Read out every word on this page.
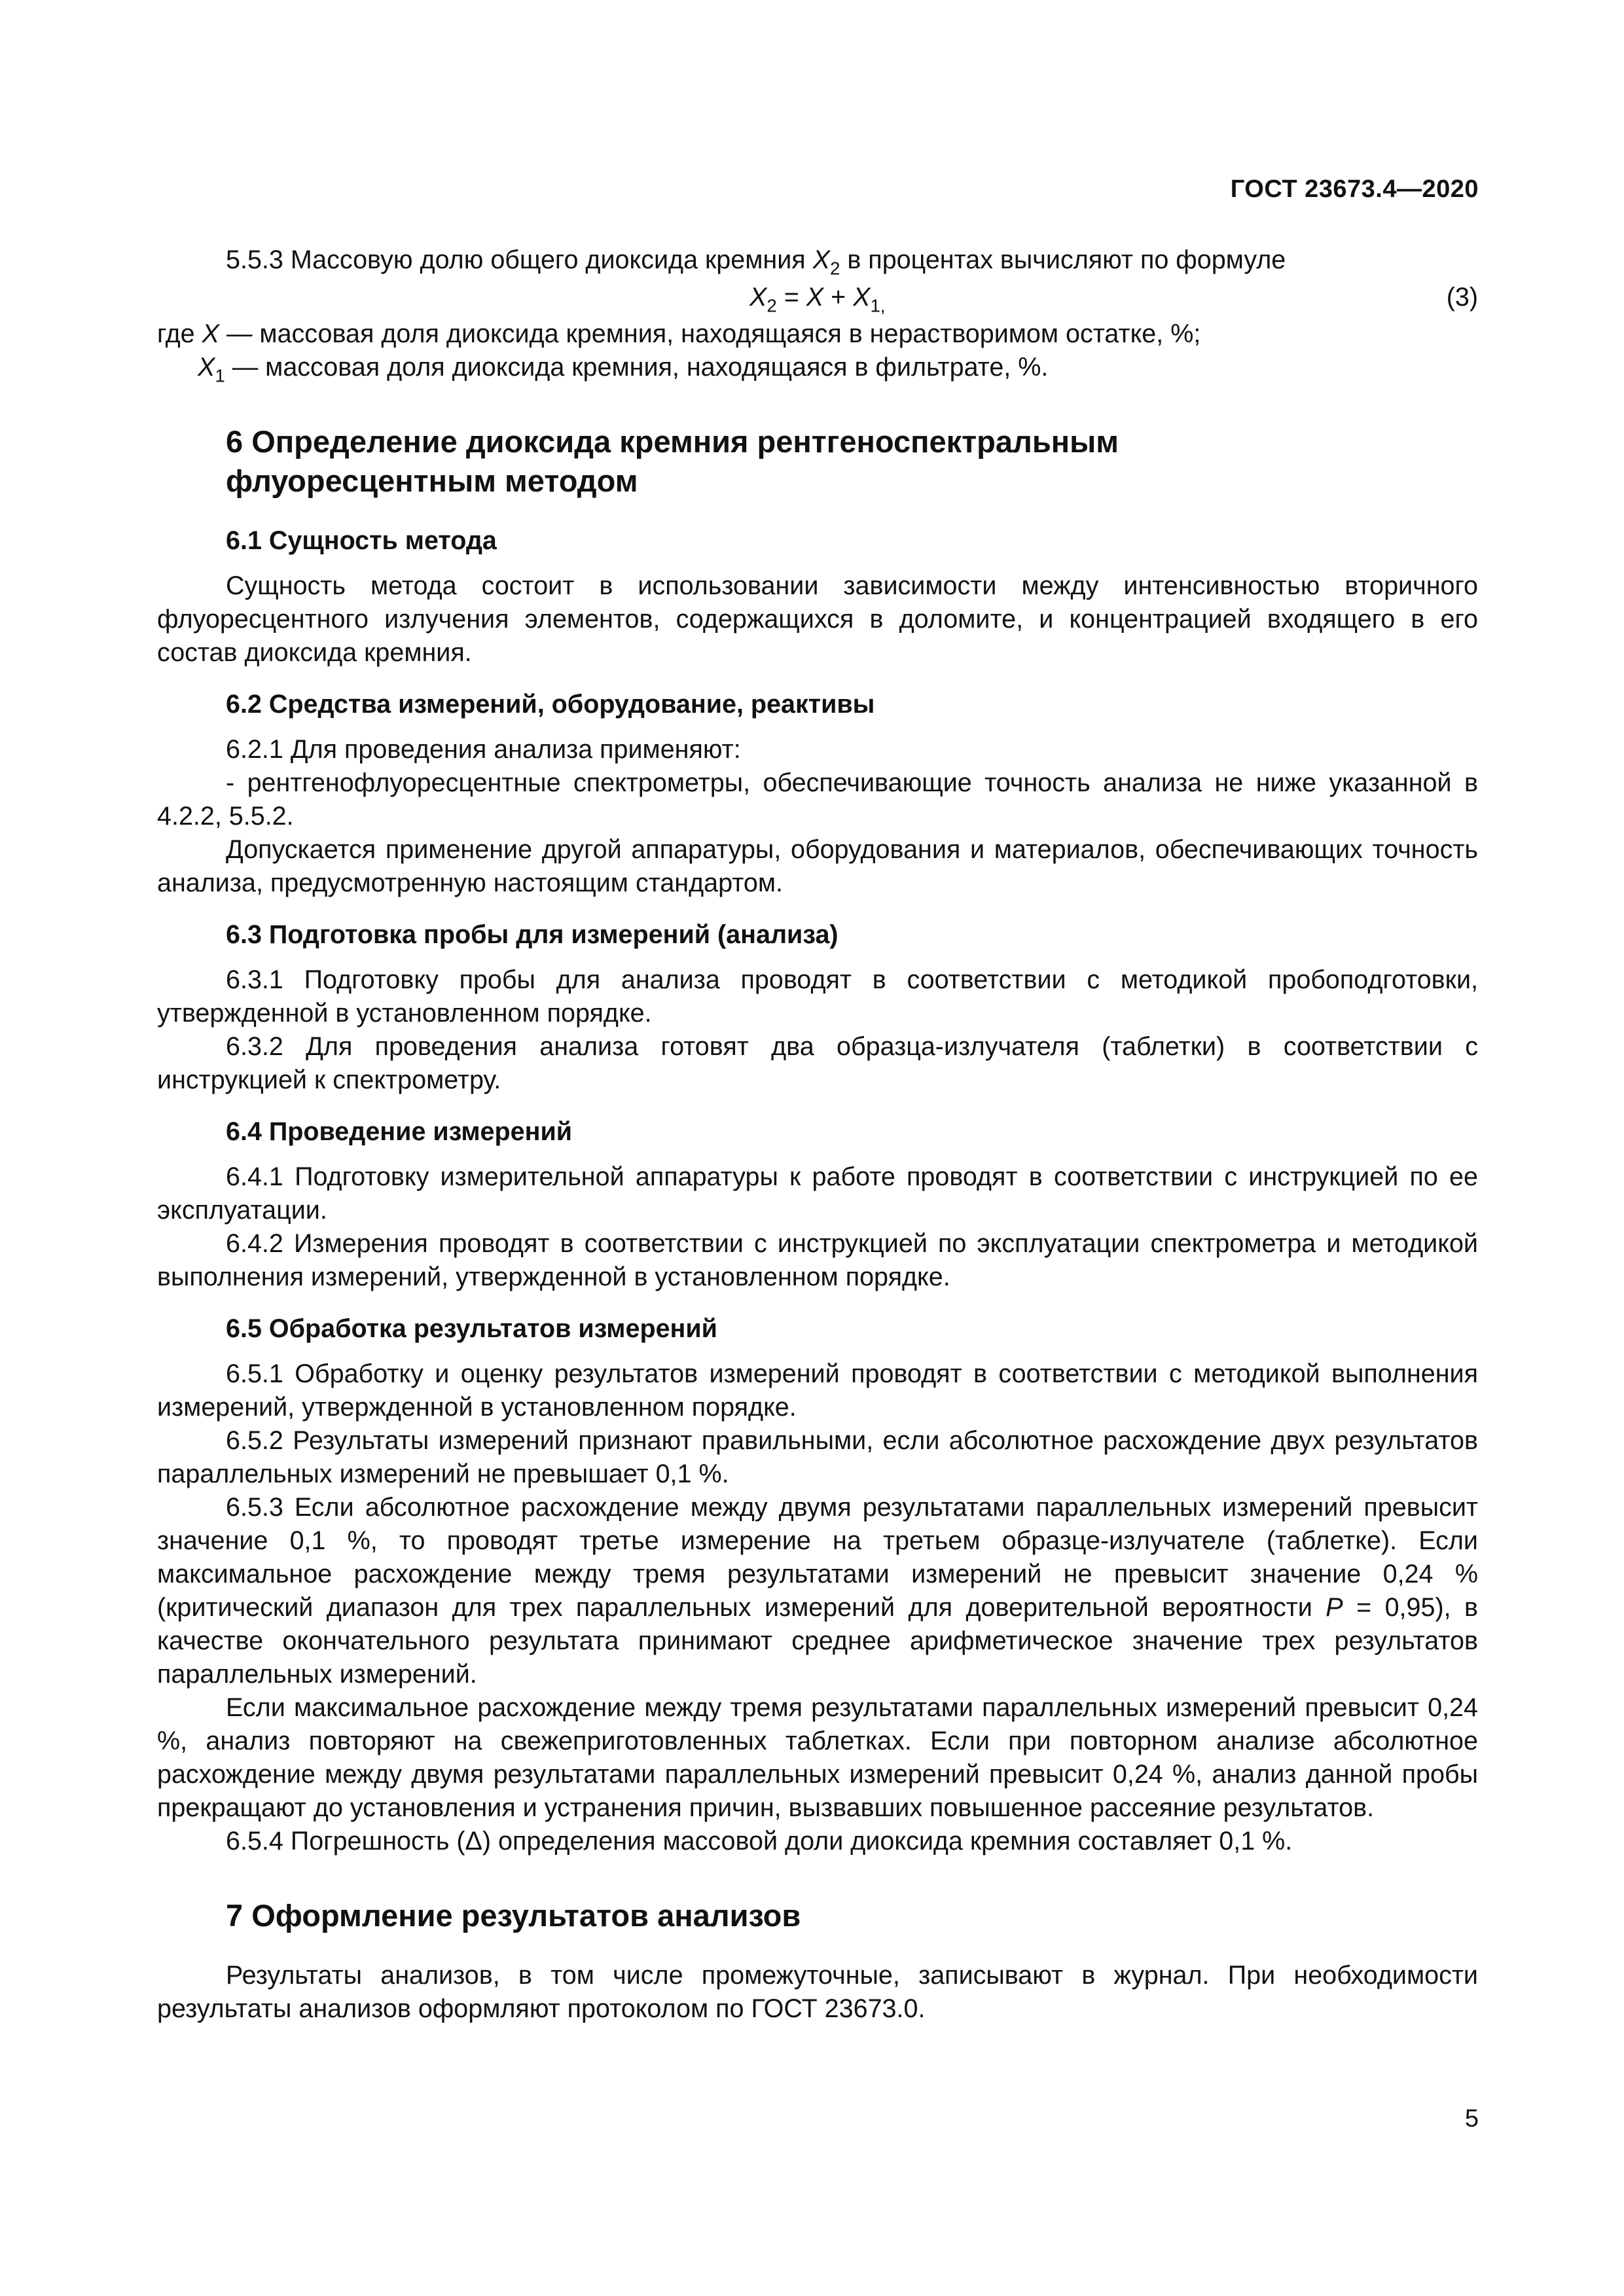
ГОСТ 23673.4—2020

5.5.3 Массовую долю общего диоксида кремния $X_2$ в процентах вычисляют по формуле

$X_2 = X + X_{1,}$	(3)

где X — массовая доля диоксида кремния, находящаяся в нерастворимом остатке, %;

$X_1$ — массовая доля диоксида кремния, находящаяся в фильтрате, %.

6 Определение диоксида кремния рентгеноспектральным
флуоресцентным методом
6.1 Сущность метода

Сущность метода состоит в использовании зависимости между интенсивностью вторичного флуоресцентного излучения элементов, содержащихся в доломите, и концентрацией входящего в его состав диоксида кремния.

6.2 Средства измерений, оборудование, реактивы

6.2.1 Для проведения анализа применяют:

- рентгенофлуоресцентные спектрометры, обеспечивающие точность анализа не ниже указанной в 4.2.2, 5.5.2.

Допускается применение другой аппаратуры, оборудования и материалов, обеспечивающих точность анализа, предусмотренную настоящим стандартом.

6.3 Подготовка пробы для измерений (анализа)

6.3.1 Подготовку пробы для анализа проводят в соответствии с методикой пробоподготовки, утвержденной в установленном порядке.

6.3.2 Для проведения анализа готовят два образца-излучателя (таблетки) в соответствии с инструкцией к спектрометру.

6.4 Проведение измерений

6.4.1 Подготовку измерительной аппаратуры к работе проводят в соответствии с инструкцией по ее эксплуатации.

6.4.2 Измерения проводят в соответствии с инструкцией по эксплуатации спектрометра и методикой выполнения измерений, утвержденной в установленном порядке.

6.5 Обработка результатов измерений

6.5.1 Обработку и оценку результатов измерений проводят в соответствии с методикой выполнения измерений, утвержденной в установленном порядке.

6.5.2 Результаты измерений признают правильными, если абсолютное расхождение двух результатов параллельных измерений не превышает 0,1 %.

6.5.3 Если абсолютное расхождение между двумя результатами параллельных измерений превысит значение 0,1 %, то проводят третье измерение на третьем образце-излучателе (таблетке). Если максимальное расхождение между тремя результатами измерений не превысит значение 0,24 % (критический диапазон для трех параллельных измерений для доверительной вероятности P = 0,95), в качестве окончательного результата принимают среднее арифметическое значение трех результатов параллельных измерений.

Если максимальное расхождение между тремя результатами параллельных измерений превысит 0,24 %, анализ повторяют на свежеприготовленных таблетках. Если при повторном анализе абсолютное расхождение между двумя результатами параллельных измерений превысит 0,24 %, анализ данной пробы прекращают до установления и устранения причин, вызвавших повышенное рассеяние результатов.

6.5.4 Погрешность (Δ) определения массовой доли диоксида кремния составляет 0,1 %.

7 Оформление результатов анализов

Результаты анализов, в том числе промежуточные, записывают в журнал. При необходимости результаты анализов оформляют протоколом по ГОСТ 23673.0.

5
